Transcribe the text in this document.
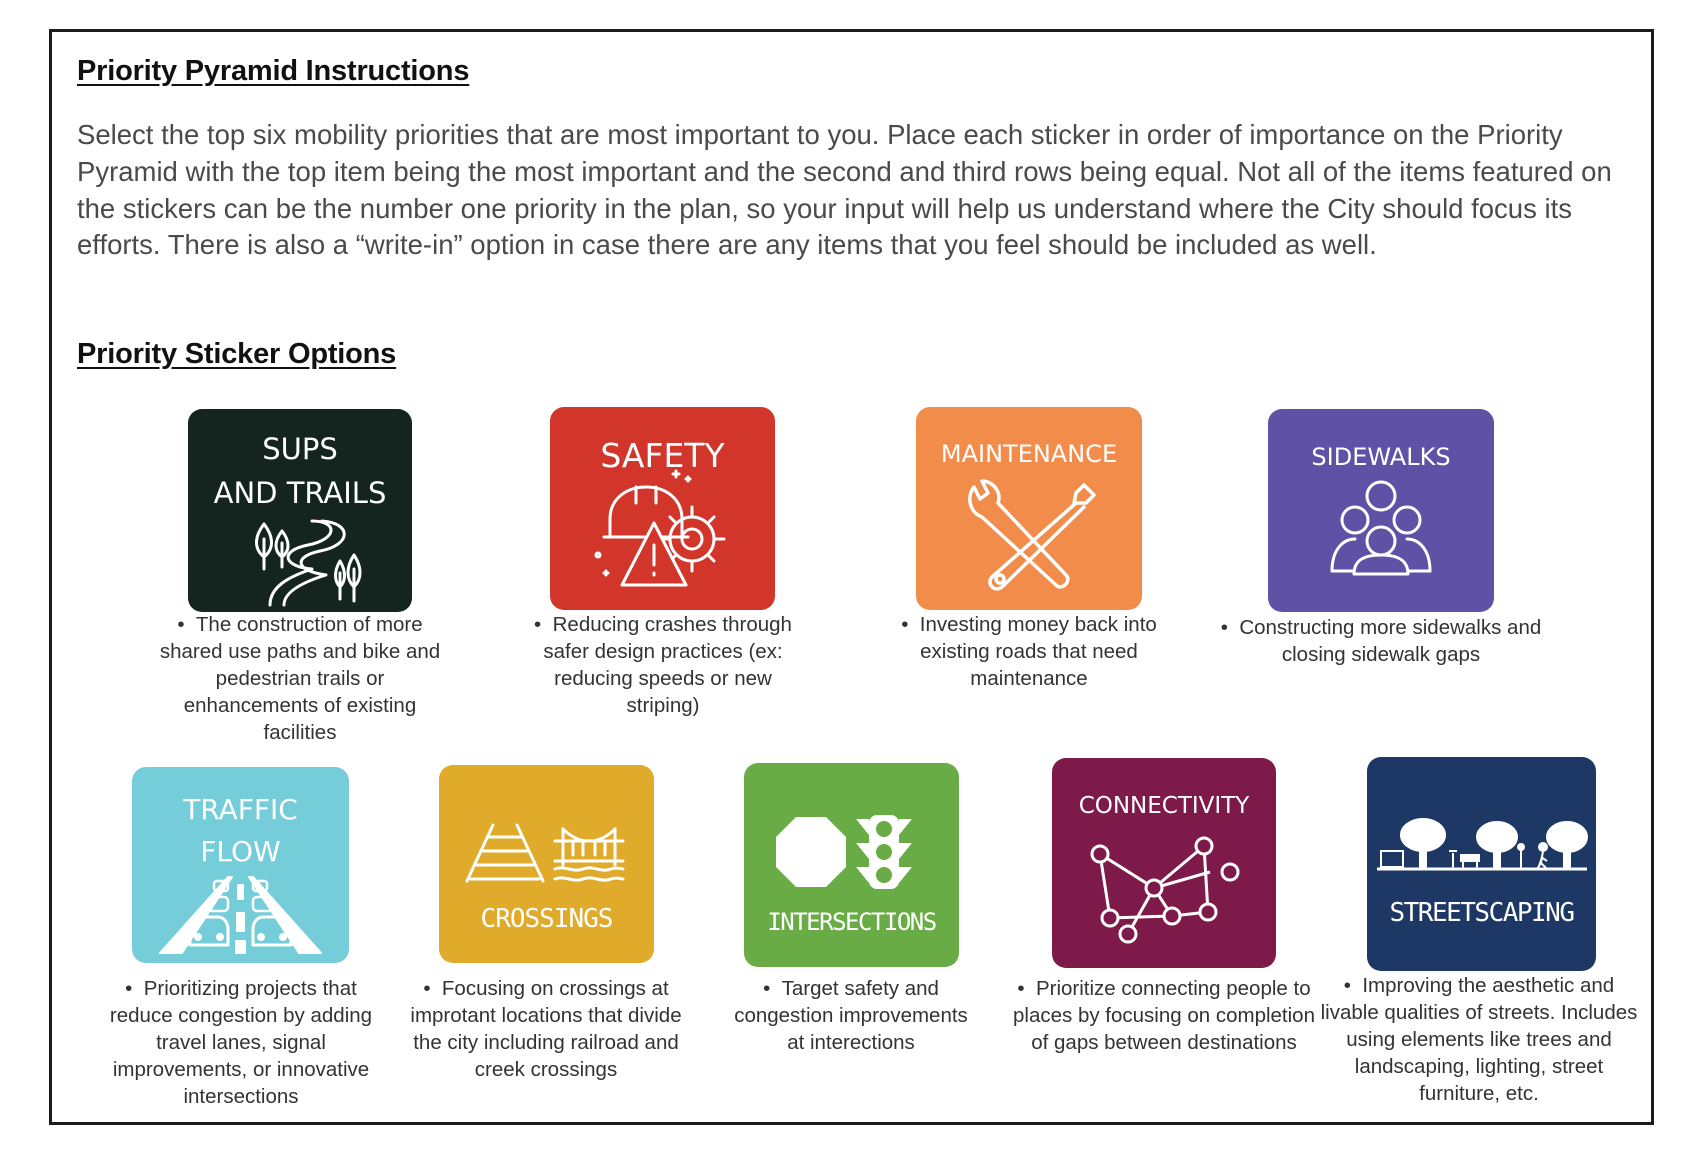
Priority Pyramid Instructions

Select the top six mobility priorities that are most important to you. Place each sticker in order of importance on the Priority Pyramid with the top item being the most important and the second and third rows being equal. Not all of the items featured on the stickers can be the number one priority in the plan, so your input will help us understand where the City should focus its efforts. There is also a “write-in” option in case there are any items that you feel should be included as well.

Priority Sticker Options
SUPS
AND TRAILS
•  The construction of more shared use paths and bike and pedestrian trails or enhancements of existing facilities
SAFETY
•  Reducing crashes through safer design practices (ex: reducing speeds or new striping)
MAINTENANCE
•  Investing money back into existing roads that need maintenance
SIDEWALKS
•  Constructing more sidewalks and closing sidewalk gaps
TRAFFIC
FLOW
•  Prioritizing projects that reduce congestion by adding travel lanes, signal improvements, or innovative intersections
CROSSINGS
•  Focusing on crossings at improtant locations that divide the city including railroad and creek crossings
INTERSECTIONS
•  Target safety and congestion improvements at interections
CONNECTIVITY
•  Prioritize connecting people to places by focusing on completion of gaps between destinations
STREETSCAPING
•  Improving the aesthetic and livable qualities of streets. Includes using elements like trees and landscaping, lighting, street furniture, etc.
